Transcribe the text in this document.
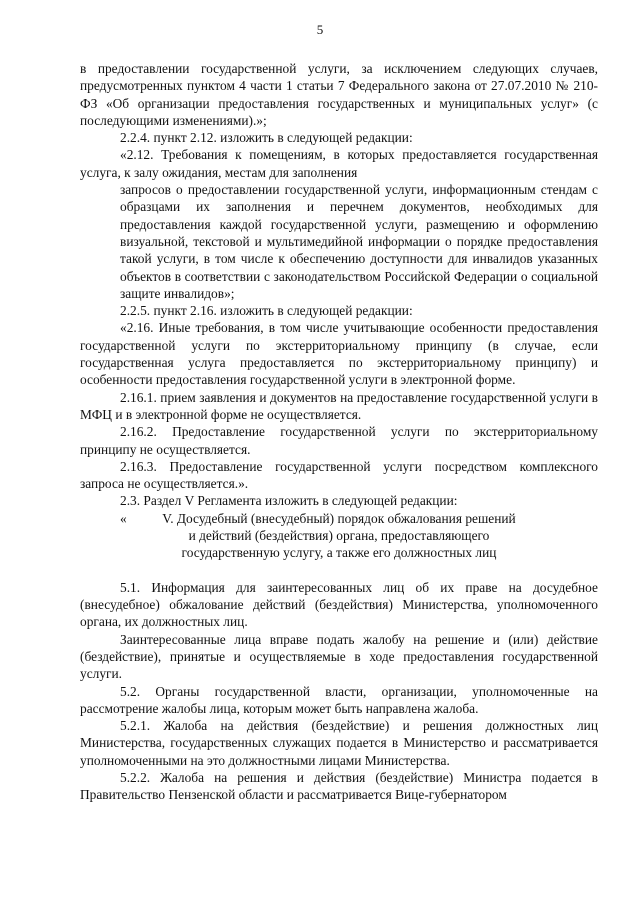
5

в предоставлении государственной услуги, за исключением следующих случаев, предусмотренных пунктом 4 части 1 статьи 7 Федерального закона от 27.07.2010 № 210-ФЗ «Об организации предоставления государственных и муниципальных услуг» (с последующими изменениями).»;

2.2.4. пункт 2.12. изложить в следующей редакции:

«2.12. Требования к помещениям, в которых предоставляется государственная услуга, к залу ожидания, местам для заполнения

запросов о предоставлении государственной услуги, информационным стендам с образцами их заполнения и перечнем документов, необходимых для предоставления каждой государственной услуги, размещению и оформлению визуальной, текстовой и мультимедийной информации о порядке предоставления такой услуги, в том числе к обеспечению доступности для инвалидов указанных объектов в соответствии с законодательством Российской Федерации о социальной защите инвалидов»;

2.2.5. пункт 2.16. изложить в следующей редакции:

«2.16. Иные требования, в том числе учитывающие особенности предоставления государственной услуги по экстерриториальному принципу (в случае, если государственная услуга предоставляется по экстерриториальному принципу) и особенности предоставления государственной услуги в электронной форме.

2.16.1. прием заявления и документов на предоставление государственной услуги в МФЦ и в электронной форме не осуществляется.

2.16.2. Предоставление государственной услуги по экстерриториальному принципу не осуществляется.

2.16.3. Предоставление государственной услуги посредством комплексного запроса не осуществляется.».

2.3. Раздел V Регламента изложить в следующей редакции:

«	V. Досудебный (внесудебный) порядок обжалования решений
и действий (бездействия) органа, предоставляющего
государственную услугу, а также его должностных лиц

5.1. Информация для заинтересованных лиц об их праве на досудебное (внесудебное) обжалование действий (бездействия) Министерства, уполномоченного органа, их должностных лиц.

Заинтересованные лица вправе подать жалобу на решение и (или) действие (бездействие), принятые и осуществляемые в ходе предоставления государственной услуги.

5.2. Органы государственной власти, организации, уполномоченные на рассмотрение жалобы лица, которым может быть направлена жалоба.

5.2.1. Жалоба на действия (бездействие) и решения должностных лиц Министерства, государственных служащих подается в Министерство и рассматривается уполномоченными на это должностными лицами Министерства.

5.2.2. Жалоба на решения и действия (бездействие) Министра подается в Правительство Пензенской области и рассматривается Вице-губернатором
